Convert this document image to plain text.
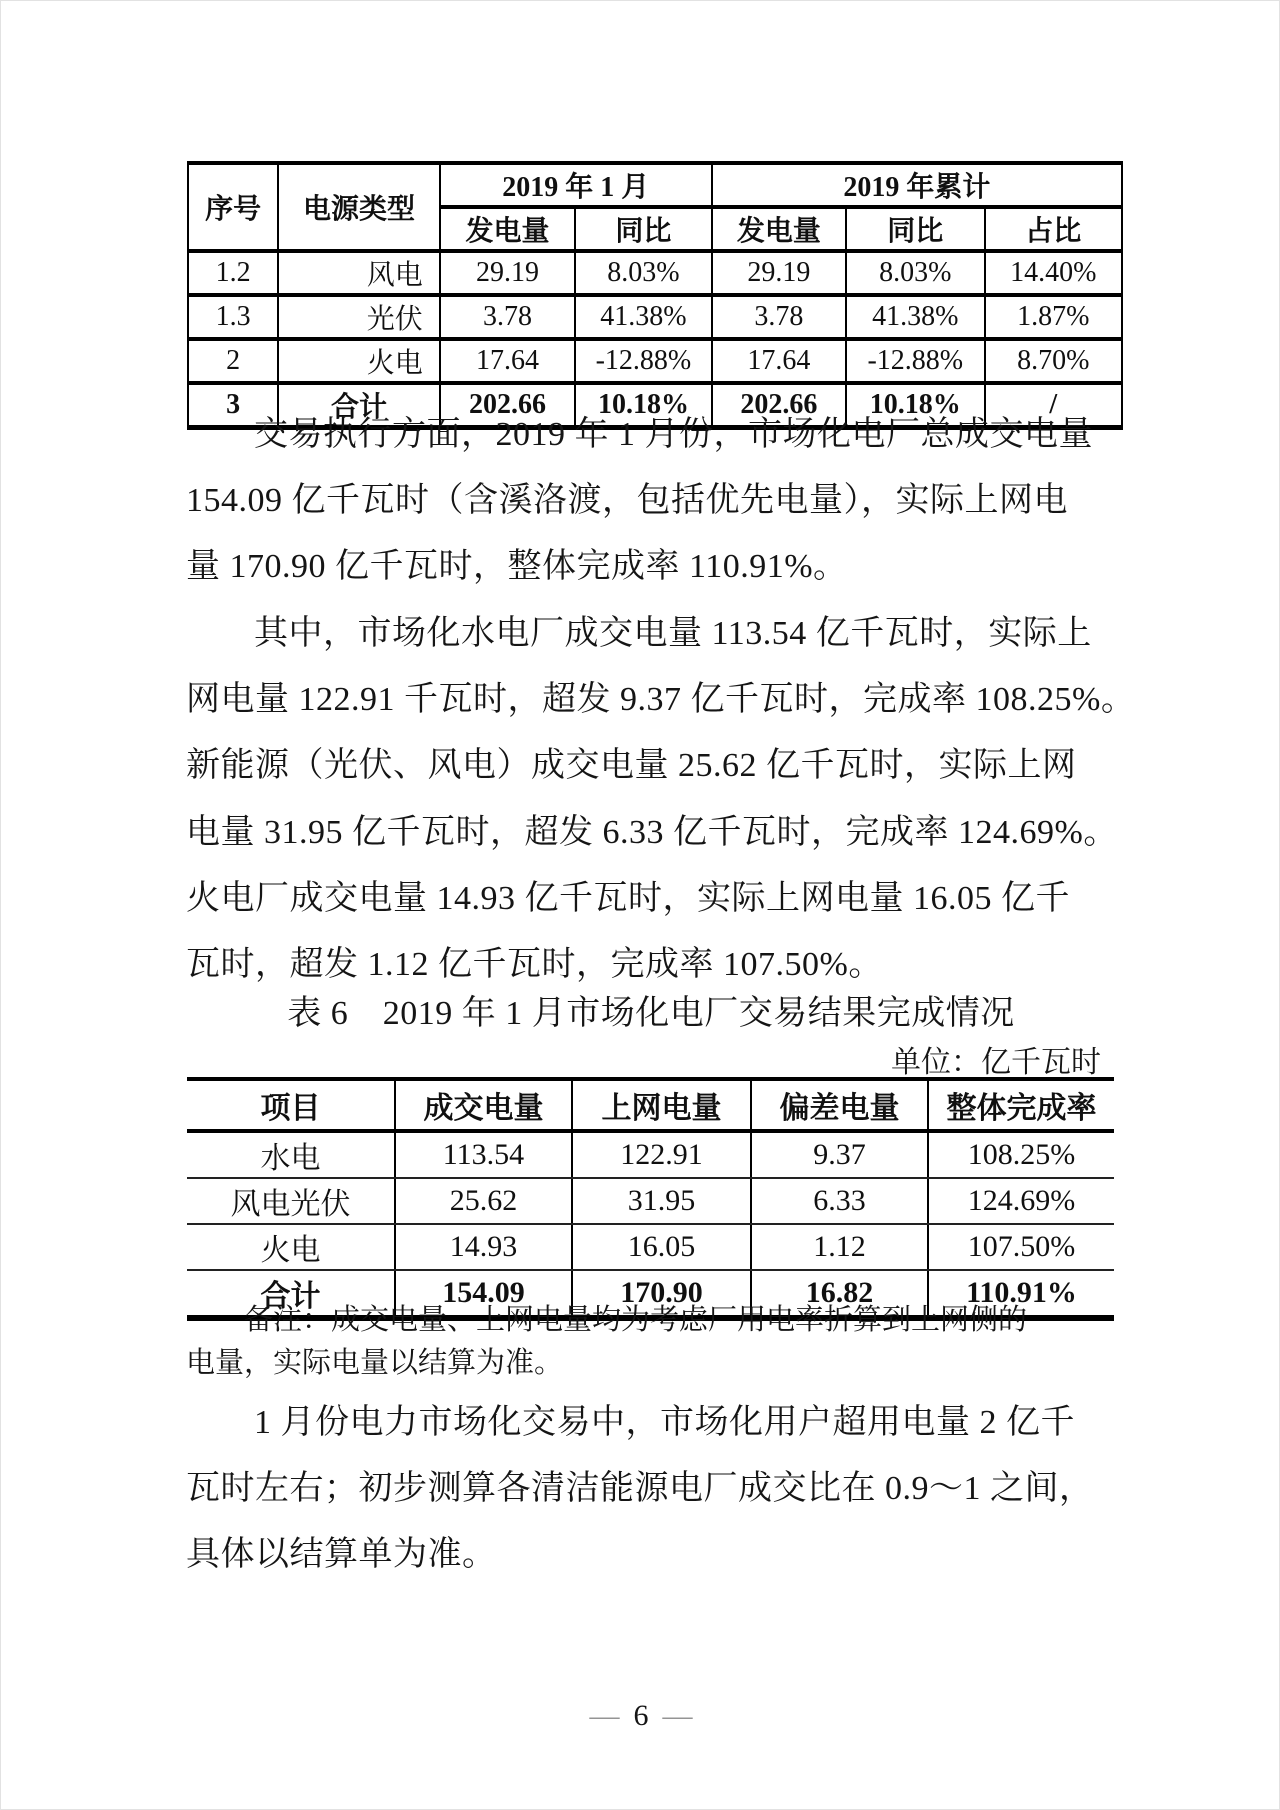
序号	电源类型	2019 年 1 月		2019 年累计		
		发电量	同比	发电量	同比	占比
1.2	风电	29.19	8.03%	29.19	8.03%	14.40%
1.3	光伏	3.78	41.38%	3.78	41.38%	1.87%
2	火电	17.64	-12.88%	17.64	-12.88%	8.70%
3	合计	202.66	10.18%	202.66	10.18%	/
交易执行方面，2019 年 1 月份，市场化电厂总成交电量
154.09 亿千瓦时（含溪洛渡，包括优先电量），实际上网电
量 170.90 亿千瓦时，整体完成率 110.91%。
其中，市场化水电厂成交电量 113.54 亿千瓦时，实际上
网电量 122.91 千瓦时，超发 9.37 亿千瓦时，完成率 108.25%。
新能源（光伏、风电）成交电量 25.62 亿千瓦时，实际上网
电量 31.95 亿千瓦时，超发 6.33 亿千瓦时，完成率 124.69%。
火电厂成交电量 14.93 亿千瓦时，实际上网电量 16.05 亿千
瓦时，超发 1.12 亿千瓦时，完成率 107.50%。
表 6　2019 年 1 月市场化电厂交易结果完成情况
单位：亿千瓦时
项目	成交电量	上网电量	偏差电量	整体完成率
水电	113.54	122.91	9.37	108.25%
风电光伏	25.62	31.95	6.33	124.69%
火电	14.93	16.05	1.12	107.50%
合计	154.09	170.90	16.82	110.91%
备注：成交电量、上网电量均为考虑厂用电率折算到上网侧的
电量，实际电量以结算为准。
1 月份电力市场化交易中，市场化用户超用电量 2 亿千
瓦时左右；初步测算各清洁能源电厂成交比在 0.9～1 之间，
具体以结算单为准。
— 6 —
